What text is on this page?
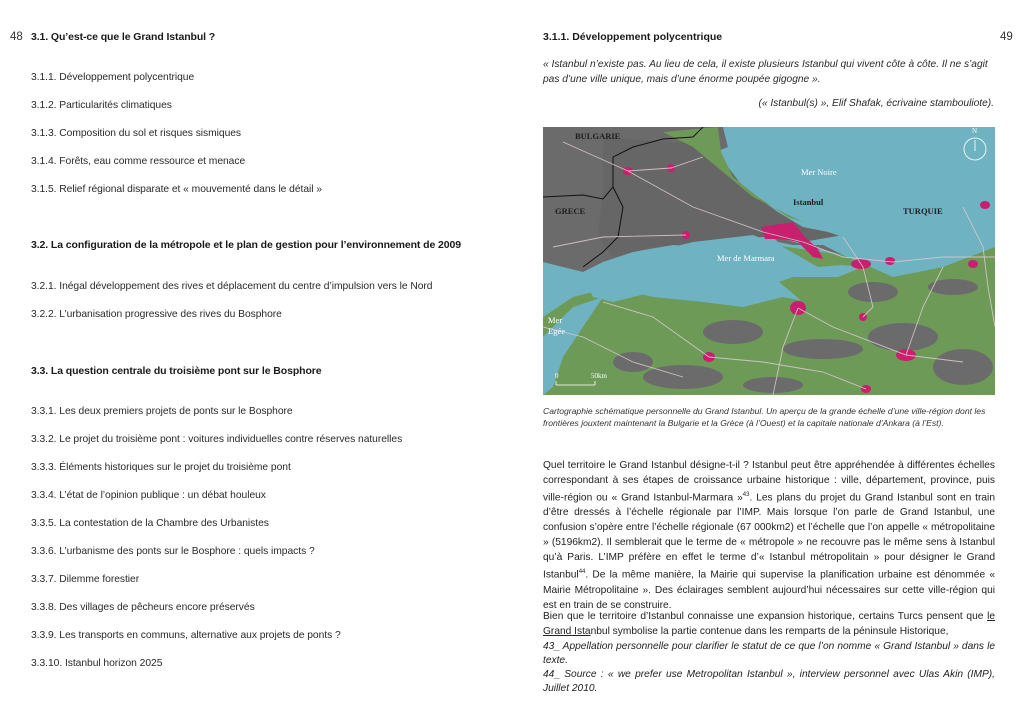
48 3.1. Qu’est-ce que le Grand Istanbul ?
3.1.1. Développement polycentrique
3.1.2. Particularités climatiques
3.1.3. Composition du sol et risques sismiques
3.1.4. Forêts, eau comme ressource et menace
3.1.5. Relief régional disparate et « mouvementé dans le détail »
3.2. La configuration de la métropole et le plan de gestion pour l’environnement de 2009
3.2.1. Inégal développement des rives et déplacement du centre d’impulsion vers le Nord
3.2.2. L’urbanisation progressive des rives du Bosphore
3.3. La question centrale du troisième pont sur le Bosphore
3.3.1. Les deux premiers projets de ponts sur le Bosphore
3.3.2. Le projet du troisième pont : voitures individuelles contre réserves naturelles
3.3.3. Éléments historiques sur le projet du troisième pont
3.3.4. L’état de l’opinion publique : un débat houleux
3.3.5. La contestation de la Chambre des Urbanistes
3.3.6. L’urbanisme des ponts sur le Bosphore : quels impacts ?
3.3.7. Dilemme forestier
3.3.8. Des villages de pêcheurs encore préservés
3.3.9. Les transports en communs, alternative aux projets de ponts ?
3.3.10. Istanbul horizon 2025
49
3.1.1. Développement polycentrique
« Istanbul n’existe pas. Au lieu de cela, il existe plusieurs Istanbul qui vivent côte à côte. Il ne s’agit pas d’une ville unique, mais d’une énorme poupée gigogne ».
(« Istanbul(s) », Elif Shafak, écrivaine stambouliote).
BULGARIE
GRECE	TURQUIE
Istanbul
Mer Noire
Mer de Marmara
Mer
Egée
N
0	50km
Cartographie schématique personnelle du Grand Istanbul. Un aperçu de la grande échelle d’une ville-région dont les frontières jouxtent maintenant la Bulgarie et la Grèce (à l’Ouest) et la capitale nationale d’Ankara (à l’Est).
Quel territoire le Grand Istanbul désigne-t-il ? Istanbul peut être appréhendée à différentes échelles correspondant à ses étapes de croissance urbaine historique : ville, département, province, puis ville-région ou « Grand Istanbul-Marmara »$^{43}$. Les plans du projet du Grand Istanbul sont en train d’être dressés à l’échelle régionale par l’IMP. Mais lorsque l’on parle de Grand Istanbul, une confusion s’opère entre l’échelle régionale (67 000km2) et l’échelle que l’on appelle « métropolitaine » (5196km2). Il semblerait que le terme de « métropole » ne recouvre pas le même sens à Istanbul qu’à Paris. L’IMP préfère en effet le terme d’« Istanbul métropolitain » pour désigner le Grand Istanbul$^{44}$. De la même manière, la Mairie qui supervise la planification urbaine est dénommée « Mairie Métropolitaine ». Des éclairages semblent aujourd’hui nécessaires sur cette ville-région qui est en train de se construire.
Bien que le territoire d’Istanbul connaisse une expansion historique, certains Turcs pensent que le Grand Istanbul symbolise la partie contenue dans les remparts de la péninsule Historique,
43_ Appellation personnelle pour clarifier le statut de ce que l’on nomme « Grand Istanbul » dans le texte.
44_ Source : « we prefer use Metropolitan Istanbul », interview personnel avec Ulas Akin (IMP), Juillet 2010.
